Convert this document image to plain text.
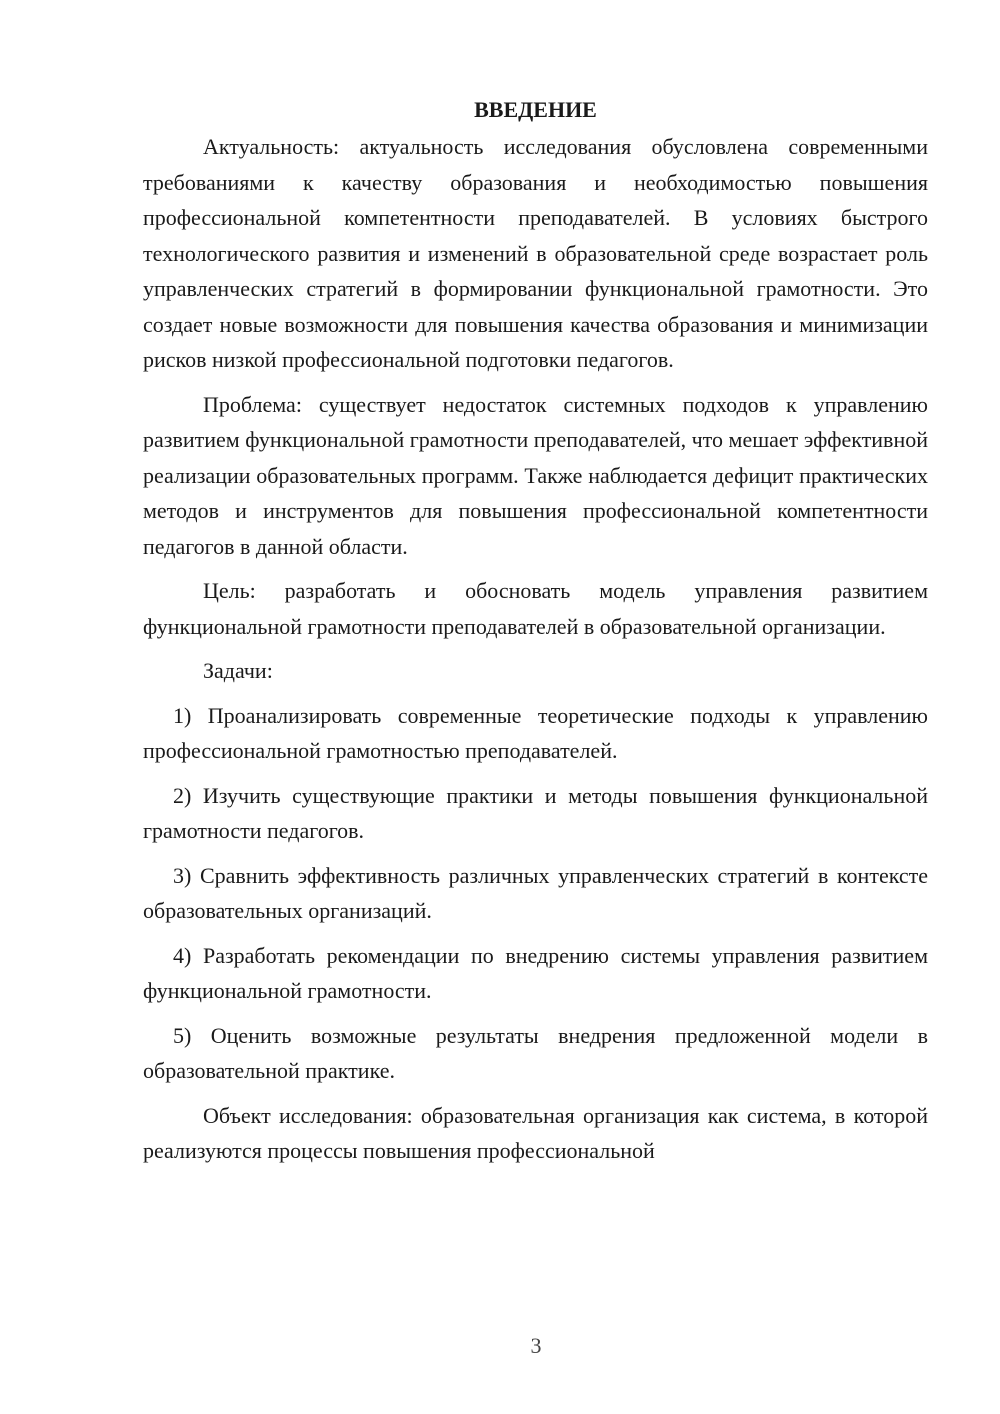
ВВЕДЕНИЕ

Актуальность: актуальность исследования обусловлена современными требованиями к качеству образования и необходимостью повышения профессиональной компетентности преподавателей. В условиях быстрого технологического развития и изменений в образовательной среде возрастает роль управленческих стратегий в формировании функциональной грамотности. Это создает новые возможности для повышения качества образования и минимизации рисков низкой профессиональной подготовки педагогов.

Проблема: существует недостаток системных подходов к управлению развитием функциональной грамотности преподавателей, что мешает эффективной реализации образовательных программ. Также наблюдается дефицит практических методов и инструментов для повышения профессиональной компетентности педагогов в данной области.

Цель: разработать и обосновать модель управления развитием функциональной грамотности преподавателей в образовательной организации.

Задачи:

1) Проанализировать современные теоретические подходы к управлению профессиональной грамотностью преподавателей.

2) Изучить существующие практики и методы повышения функциональной грамотности педагогов.

3) Сравнить эффективность различных управленческих стратегий в контексте образовательных организаций.

4) Разработать рекомендации по внедрению системы управления развитием функциональной грамотности.

5) Оценить возможные результаты внедрения предложенной модели в образовательной практике.

Объект исследования: образовательная организация как система, в которой реализуются процессы повышения профессиональной

3
